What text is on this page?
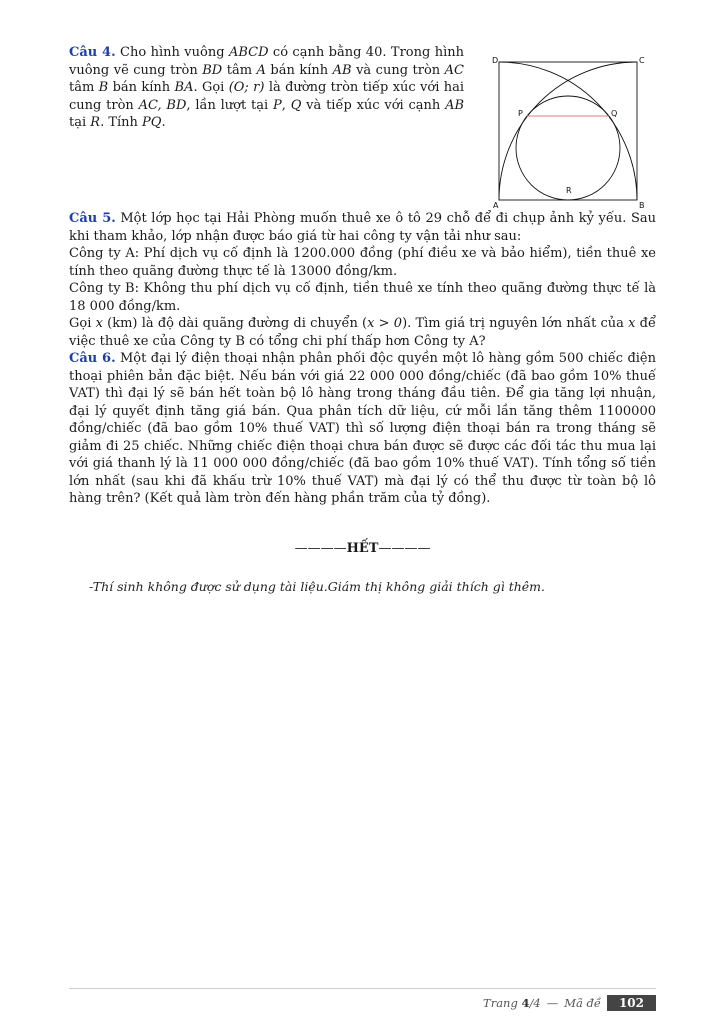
Câu 4. Cho hình vuông ABCD có cạnh bằng 40. Trong hình vuông vẽ cung tròn BD tâm A bán kính AB và cung tròn AC tâm B bán kính BA. Gọi (O; r) là đường tròn tiếp xúc với hai cung tròn AC, BD, lần lượt tại P, Q và tiếp xúc với cạnh AB tại R. Tính PQ.

A	B
C
D
P	Q
R
Câu 5. Một lớp học tại Hải Phòng muốn thuê xe ô tô 29 chỗ để đi chụp ảnh kỷ yếu. Sau khi tham khảo, lớp nhận được báo giá từ hai công ty vận tải như sau:
Công ty A: Phí dịch vụ cố định là 1200.000 đồng (phí điều xe và bảo hiểm), tiền thuê xe tính theo quãng đường thực tế là 13000 đồng/km.
Công ty B: Không thu phí dịch vụ cố định, tiền thuê xe tính theo quãng đường thực tế là 18 000 đồng/km.
Gọi x (km) là độ dài quãng đường di chuyển (x > 0). Tìm giá trị nguyên lớn nhất của x để việc thuê xe của Công ty B có tổng chi phí thấp hơn Công ty A?

Câu 6. Một đại lý điện thoại nhận phân phối độc quyền một lô hàng gồm 500 chiếc điện thoại phiên bản đặc biệt. Nếu bán với giá 22 000 000 đồng/chiếc (đã bao gồm 10% thuế VAT) thì đại lý sẽ bán hết toàn bộ lô hàng trong tháng đầu tiên. Để gia tăng lợi nhuận, đại lý quyết định tăng giá bán. Qua phân tích dữ liệu, cứ mỗi lần tăng thêm 1100000 đồng/chiếc (đã bao gồm 10% thuế VAT) thì số lượng điện thoại bán ra trong tháng sẽ giảm đi 25 chiếc. Những chiếc điện thoại chưa bán được sẽ được các đối tác thu mua lại với giá thanh lý là 11 000 000 đồng/chiếc (đã bao gồm 10% thuế VAT). Tính tổng số tiền lớn nhất (sau khi đã khấu trừ 10% thuế VAT) mà đại lý có thể thu được từ toàn bộ lô hàng trên? (Kết quả làm tròn đến hàng phần trăm của tỷ đồng).

————HẾT————
-Thí sinh không được sử dụng tài liệu.Giám thị không giải thích gì thêm.
Trang
4 / 4 — Mã đề	102
